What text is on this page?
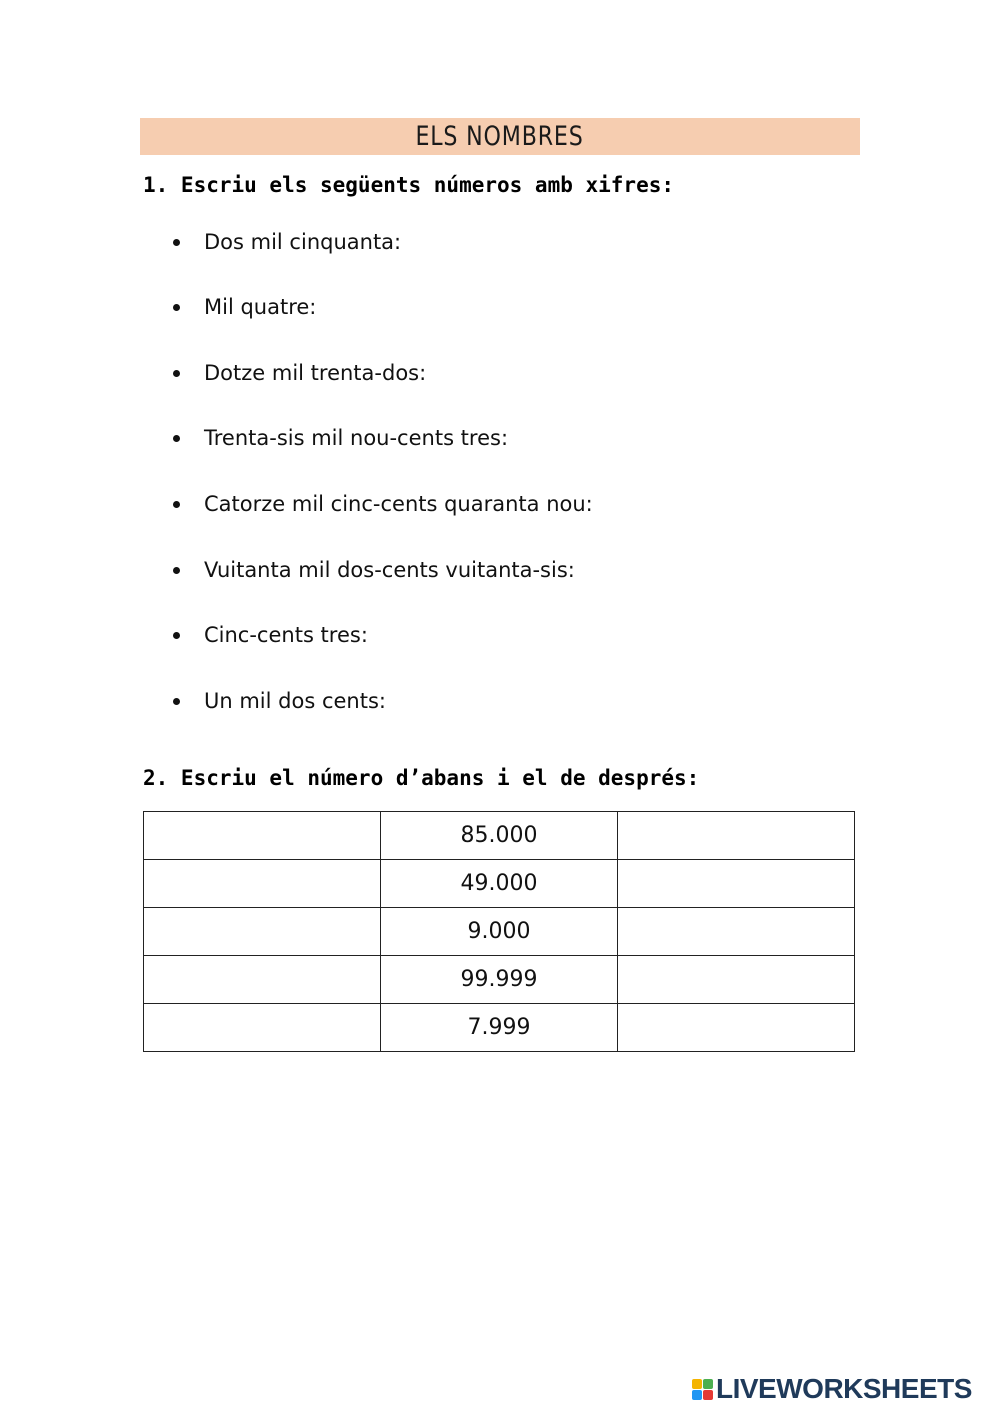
ELS NOMBRES
1. Escriu els següents números amb xifres:
Dos mil cinquanta:
Mil quatre:
Dotze mil trenta-dos:
Trenta-sis mil nou-cents tres:
Catorze mil cinc-cents quaranta nou:
Vuitanta mil dos-cents vuitanta-sis:
Cinc-cents tres:
Un mil dos cents:
2. Escriu el número d’abans i el de després:
	85.000	
	49.000	
	9.000	
	99.999	
	7.999	
LIVEWORKSHEETS
